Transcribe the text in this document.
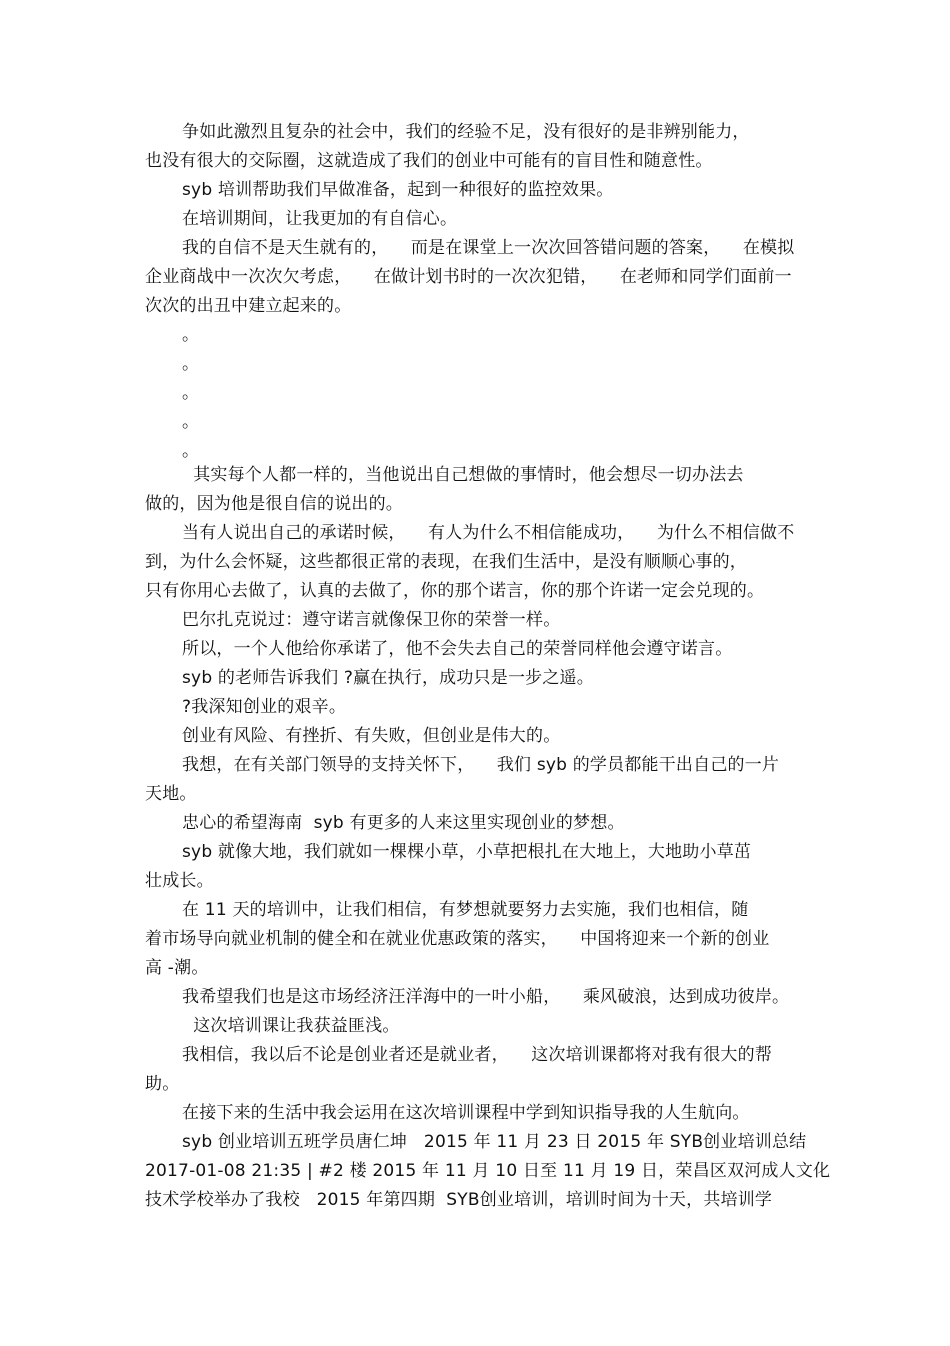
争如此激烈且复杂的社会中，我们的经验不足，没有很好的是非辨别能力，
也没有很大的交际圈，这就造成了我们的创业中可能有的盲目性和随意性。
syb 培训帮助我们早做准备，起到一种很好的监控效果。
在培训期间，让我更加的有自信心。
我的自信不是天生就有的，    而是在课堂上一次次回答错问题的答案，    在模拟
企业商战中一次次欠考虑，    在做计划书时的一次次犯错，    在老师和同学们面前一
次次的出丑中建立起来的。
。
。
。
。
。
其实每个人都一样的，当他说出自己想做的事情时，他会想尽一切办法去
做的，因为他是很自信的说出的。
当有人说出自己的承诺时候，    有人为什么不相信能成功，    为什么不相信做不
到，为什么会怀疑，这些都很正常的表现，在我们生活中，是没有顺顺心事的，
只有你用心去做了，认真的去做了，你的那个诺言，你的那个许诺一定会兑现的。
巴尔扎克说过：遵守诺言就像保卫你的荣誉一样。
所以，一个人他给你承诺了，他不会失去自己的荣誉同样他会遵守诺言。
syb 的老师告诉我们 ?赢在执行，成功只是一步之遥。
?我深知创业的艰辛。
创业有风险、有挫折、有失败，但创业是伟大的。
我想，在有关部门领导的支持关怀下，    我们 syb 的学员都能干出自己的一片
天地。
忠心的希望海南  syb 有更多的人来这里实现创业的梦想。
syb 就像大地，我们就如一棵棵小草，小草把根扎在大地上，大地助小草茁
壮成长。
在 11 天的培训中，让我们相信，有梦想就要努力去实施，我们也相信，随
着市场导向就业机制的健全和在就业优惠政策的落实，    中国将迎来一个新的创业
高 -潮。
我希望我们也是这市场经济汪洋海中的一叶小船，    乘风破浪，达到成功彼岸。
这次培训课让我获益匪浅。
我相信，我以后不论是创业者还是就业者，    这次培训课都将对我有很大的帮
助。
在接下来的生活中我会运用在这次培训课程中学到知识指导我的人生航向。
syb 创业培训五班学员唐仁坤   2015 年 11 月 23 日 2015 年 SYB创业培训总结
2017-01-08 21:35 | #2 楼 2015 年 11 月 10 日至 11 月 19 日，荣昌区双河成人文化
技术学校举办了我校   2015 年第四期  SYB创业培训，培训时间为十天，共培训学
